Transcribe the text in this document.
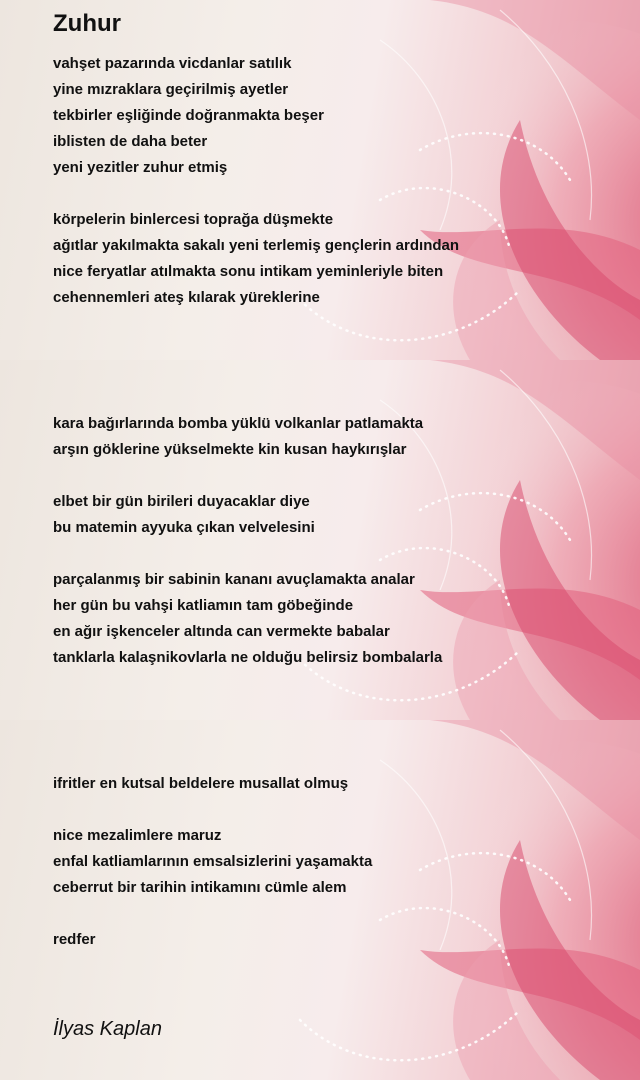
Zuhur
vahşet pazarında vicdanlar satılık
yine mızraklara geçirilmiş ayetler
tekbirler eşliğinde doğranmakta beşer
iblisten de daha beter
yeni yezitler zuhur etmiş
körpelerin binlercesi toprağa düşmekte
ağıtlar yakılmakta sakalı yeni terlemiş gençlerin ardından
nice feryatlar atılmakta sonu intikam yeminleriyle biten
cehennemleri ateş kılarak yüreklerine
kara bağırlarında bomba yüklü volkanlar patlamakta
arşın göklerine yükselmekte kin kusan haykırışlar
elbet bir gün birileri duyacaklar diye
bu matemin ayyuka çıkan velvelesini
parçalanmış bir sabinin kananı avuçlamakta analar
her gün bu vahşi katliamın tam göbeğinde
en ağır işkenceler altında can vermekte babalar
tanklarla kalaşnikovlarla ne olduğu belirsiz bombalarla
ifritler en kutsal beldelere musallat olmuş
nice mezalimlere maruz
enfal katliamlarının emsalsizlerini yaşamakta
ceberrut bir tarihin intikamını cümle alem
redfer
İlyas Kaplan
